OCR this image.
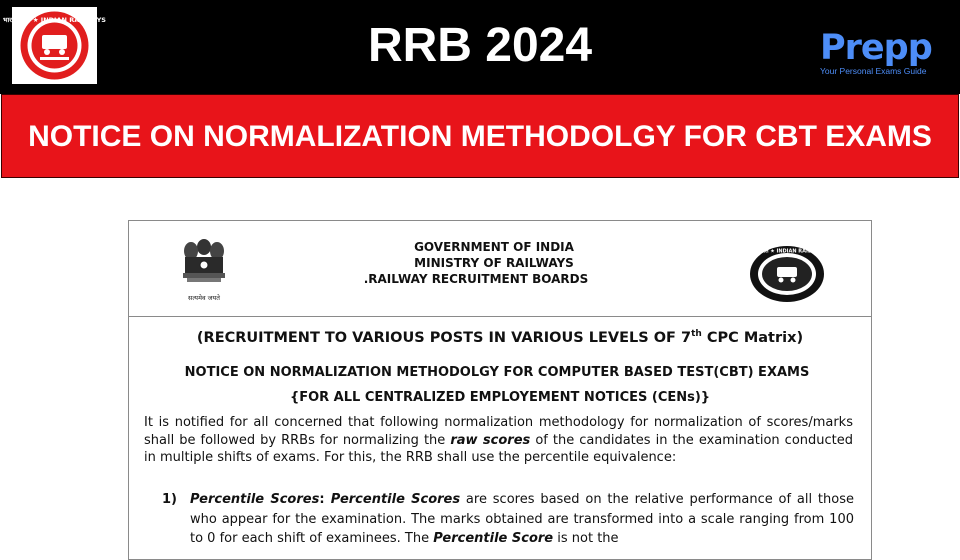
भारतीय रेल ★ INDIAN RAILWAYS	RRB 2024	Prepp
Your Personal Exams Guide
NOTICE ON NORMALIZATION METHODOLGY FOR CBT EXAMS
सत्यमेव जयते
GOVERNMENT OF INDIA
MINISTRY OF RAILWAYS
.RAILWAY RECRUITMENT BOARDS
भारतीय रेल ★ INDIAN RAILWAYS
(RECRUITMENT TO VARIOUS POSTS IN VARIOUS LEVELS OF 7th CPC Matrix)
NOTICE ON NORMALIZATION METHODOLGY FOR COMPUTER BASED TEST(CBT) EXAMS
{FOR ALL CENTRALIZED EMPLOYEMENT NOTICES (CENs)}
It is notified for all concerned that following normalization methodology for normalization of scores/marks shall be followed by RRBs for normalizing the raw scores of the candidates in the examination conducted in multiple shifts of exams. For this, the RRB shall use the percentile equivalence:
1) Percentile Scores: Percentile Scores are scores based on the relative performance of all those who appear for the examination. The marks obtained are transformed into a scale ranging from 100 to 0 for each shift of examinees. The Percentile Score is not the
